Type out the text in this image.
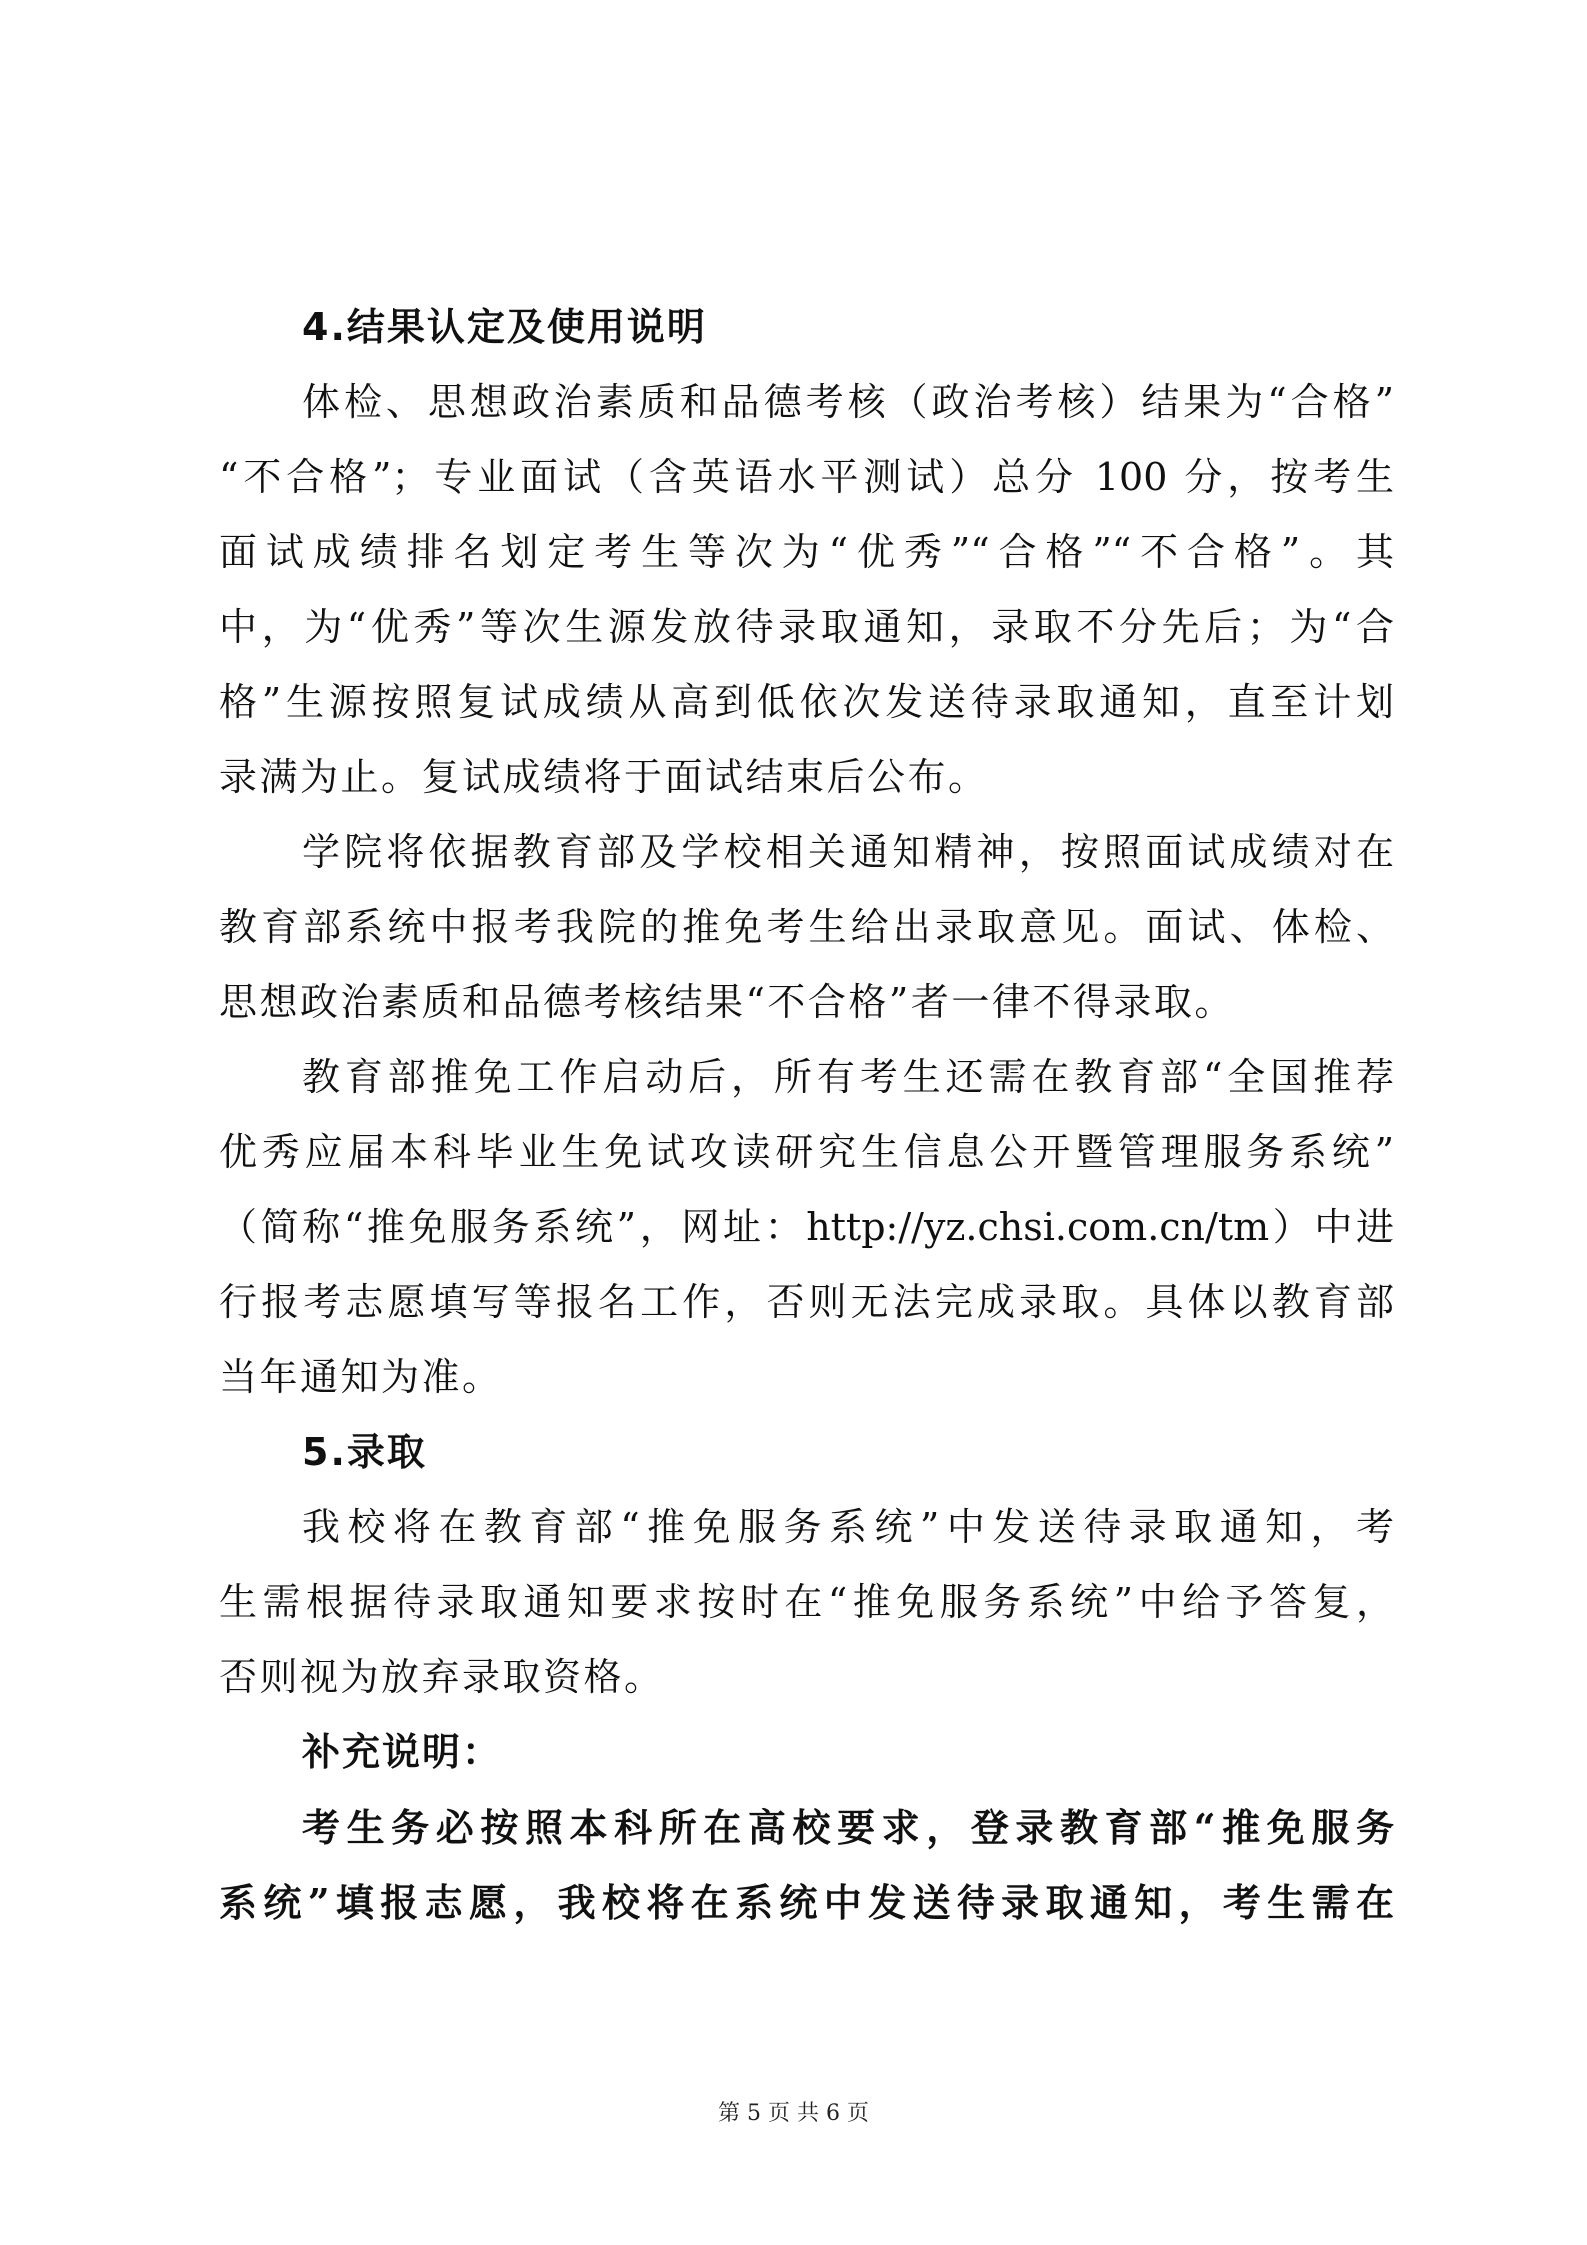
4.结果认定及使用说明
体检、思想政治素质和品德考核（政治考核）结果为“合格”
“不合格”；专业面试（含英语水平测试）总分 100 分，按考生
面试成绩排名划定考生等次为“优秀”“合格”“不合格”。其
中，为“优秀”等次生源发放待录取通知，录取不分先后；为“合
格”生源按照复试成绩从高到低依次发送待录取通知，直至计划
录满为止。复试成绩将于面试结束后公布。
学院将依据教育部及学校相关通知精神，按照面试成绩对在
教育部系统中报考我院的推免考生给出录取意见。面试、体检、
思想政治素质和品德考核结果“不合格”者一律不得录取。
教育部推免工作启动后，所有考生还需在教育部“全国推荐
优秀应届本科毕业生免试攻读研究生信息公开暨管理服务系统”
（简称“推免服务系统”，网址：http://yz.chsi.com.cn/tm）中进
行报考志愿填写等报名工作，否则无法完成录取。具体以教育部
当年通知为准。
5.录取
我校将在教育部“推免服务系统”中发送待录取通知，考
生需根据待录取通知要求按时在“推免服务系统”中给予答复，
否则视为放弃录取资格。
补充说明：
考生务必按照本科所在高校要求，登录教育部“推免服务
系统”填报志愿，我校将在系统中发送待录取通知，考生需在
第 5 页 共 6 页
